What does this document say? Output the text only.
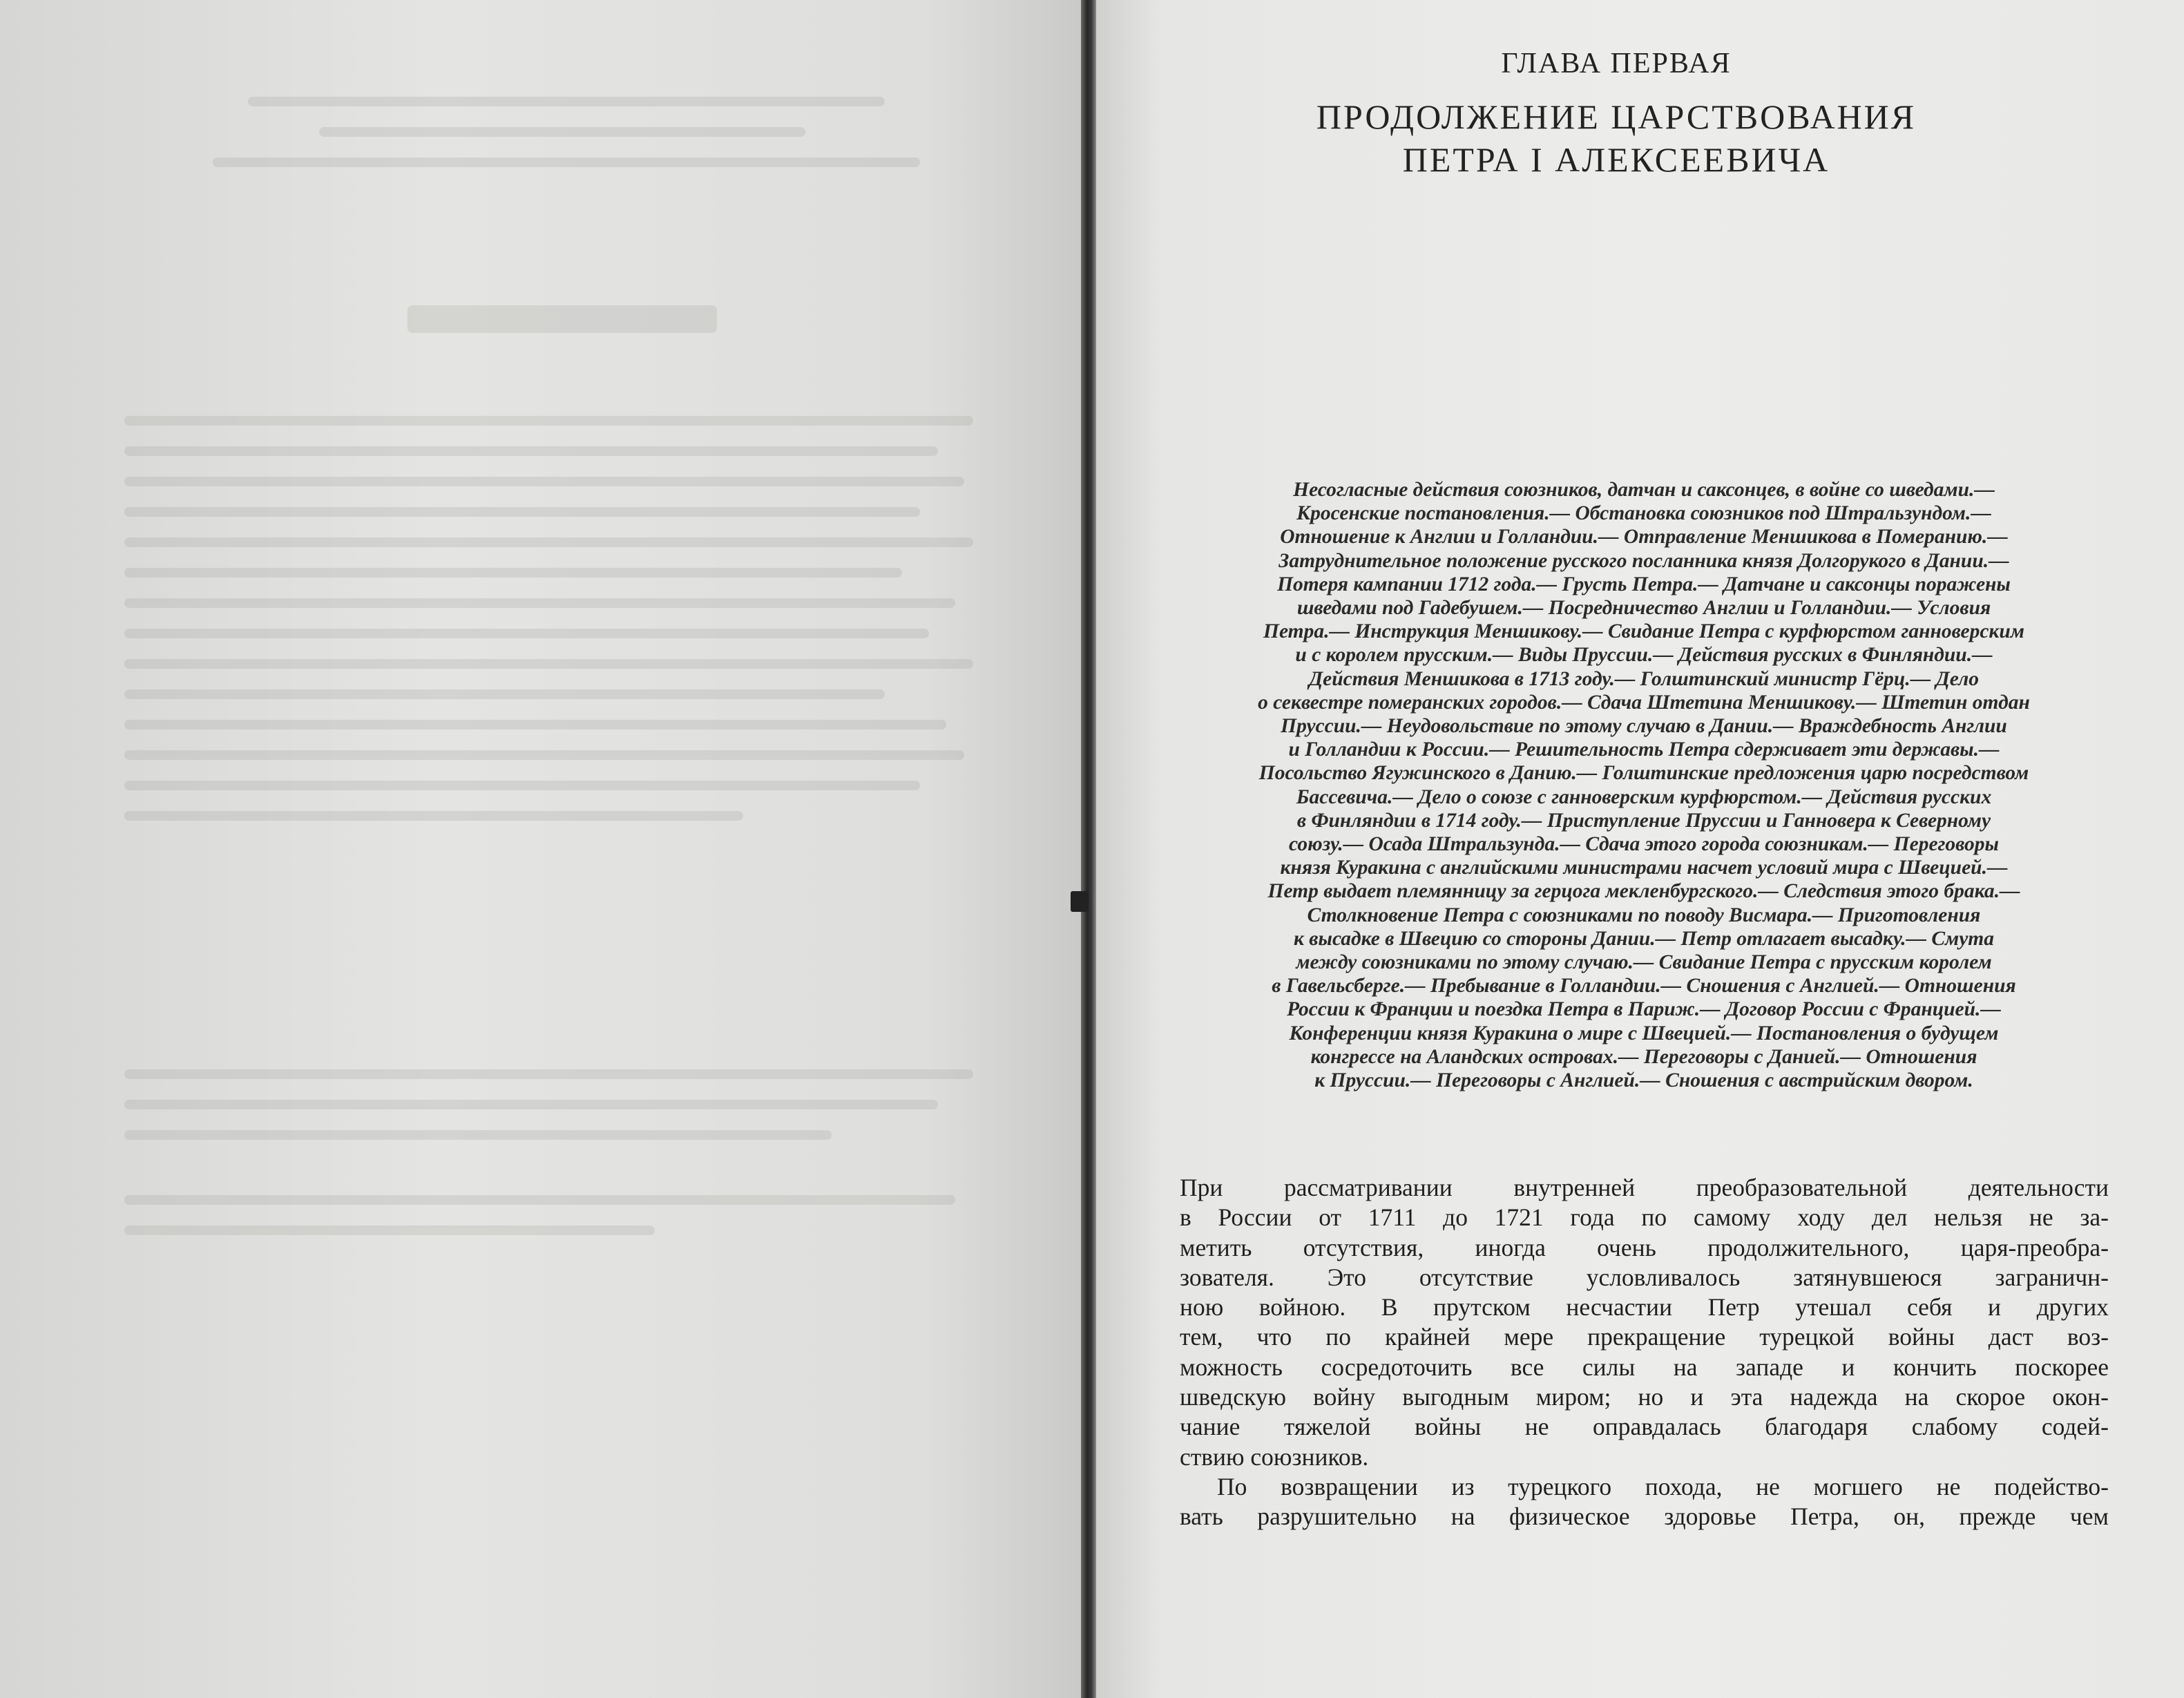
ГЛАВА ПЕРВАЯ
ПРОДОЛЖЕНИЕ ЦАРСТВОВАНИЯ
ПЕТРА I АЛЕКСЕЕВИЧА
Несогласные действия союзников, датчан и саксонцев, в войне со шведами.—
Кросенские постановления.— Обстановка союзников под Штральзундом.—
Отношение к Англии и Голландии.— Отправление Меншикова в Померанию.—
Затруднительное положение русского посланника князя Долгорукого в Дании.—
Потеря кампании 1712 года.— Грусть Петра.— Датчане и саксонцы поражены
шведами под Гадебушем.— Посредничество Англии и Голландии.— Условия
Петра.— Инструкция Меншикову.— Свидание Петра с курфюрстом ганноверским
и с королем прусским.— Виды Пруссии.— Действия русских в Финляндии.—
Действия Меншикова в 1713 году.— Голштинский министр Гёрц.— Дело
о секвестре померанских городов.— Сдача Штетина Меншикову.— Штетин отдан
Пруссии.— Неудовольствие по этому случаю в Дании.— Враждебность Англии
и Голландии к России.— Решительность Петра сдерживает эти державы.—
Посольство Ягужинского в Данию.— Голштинские предложения царю посредством
Бассевича.— Дело о союзе с ганноверским курфюрстом.— Действия русских
в Финляндии в 1714 году.— Приступление Пруссии и Ганновера к Северному
союзу.— Осада Штральзунда.— Сдача этого города союзникам.— Переговоры
князя Куракина с английскими министрами насчет условий мира с Швецией.—
Петр выдает племянницу за герцога мекленбургского.— Следствия этого брака.—
Столкновение Петра с союзниками по поводу Висмара.— Приготовления
к высадке в Швецию со стороны Дании.— Петр отлагает высадку.— Смута
между союзниками по этому случаю.— Свидание Петра с прусским королем
в Гавельсберге.— Пребывание в Голландии.— Сношения с Англией.— Отношения
России к Франции и поездка Петра в Париж.— Договор России с Францией.—
Конференции князя Куракина о мире с Швецией.— Постановления о будущем
конгрессе на Аландских островах.— Переговоры с Данией.— Отношения
к Пруссии.— Переговоры с Англией.— Сношения с австрийским двором.
При рассматривании внутренней преобразовательной деятельности
в России от 1711 до 1721 года по самому ходу дел нельзя не за-
метить отсутствия, иногда очень продолжительного, царя-преобра-
зователя. Это отсутствие условливалось затянувшеюся заграничн-
ною войною. В прутском несчастии Петр утешал себя и других
тем, что по крайней мере прекращение турецкой войны даст воз-
можность сосредоточить все силы на западе и кончить поскорее
шведскую войну выгодным миром; но и эта надежда на скорое окон-
чание тяжелой войны не оправдалась благодаря слабому содей-
ствию союзников.
По возвращении из турецкого похода, не могшего не подейство-
вать разрушительно на физическое здоровье Петра, он, прежде чем
